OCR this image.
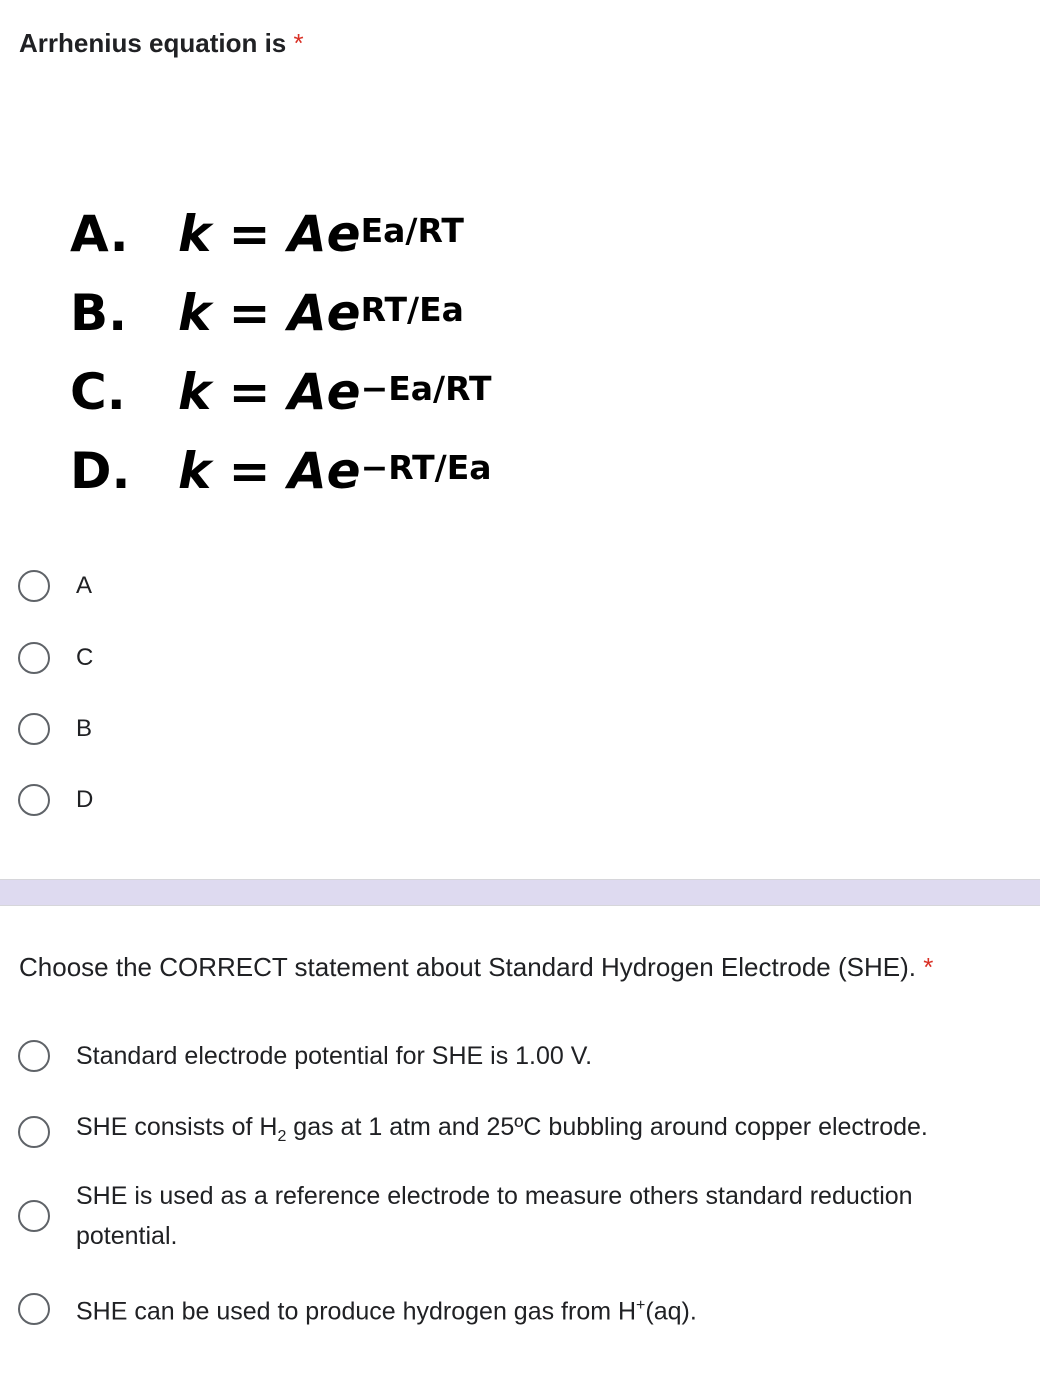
Arrhenius equation is *
A. $k = Ae^{Ea/RT}$
B.	$k = Ae^{RT/Ea}$
C.	$k = Ae^{-Ea/RT}$
D. $k = Ae^{-RT/Ea}$
A
C
B
D
Choose the CORRECT statement about Standard Hydrogen Electrode (SHE). *
Standard electrode potential for SHE is 1.00 V.
SHE consists of $H_2$ gas at 1 atm and 25ºC bubbling around copper electrode.
SHE is used as a reference electrode to measure others standard reduction potential.
SHE can be used to produce hydrogen gas from H+(aq).
